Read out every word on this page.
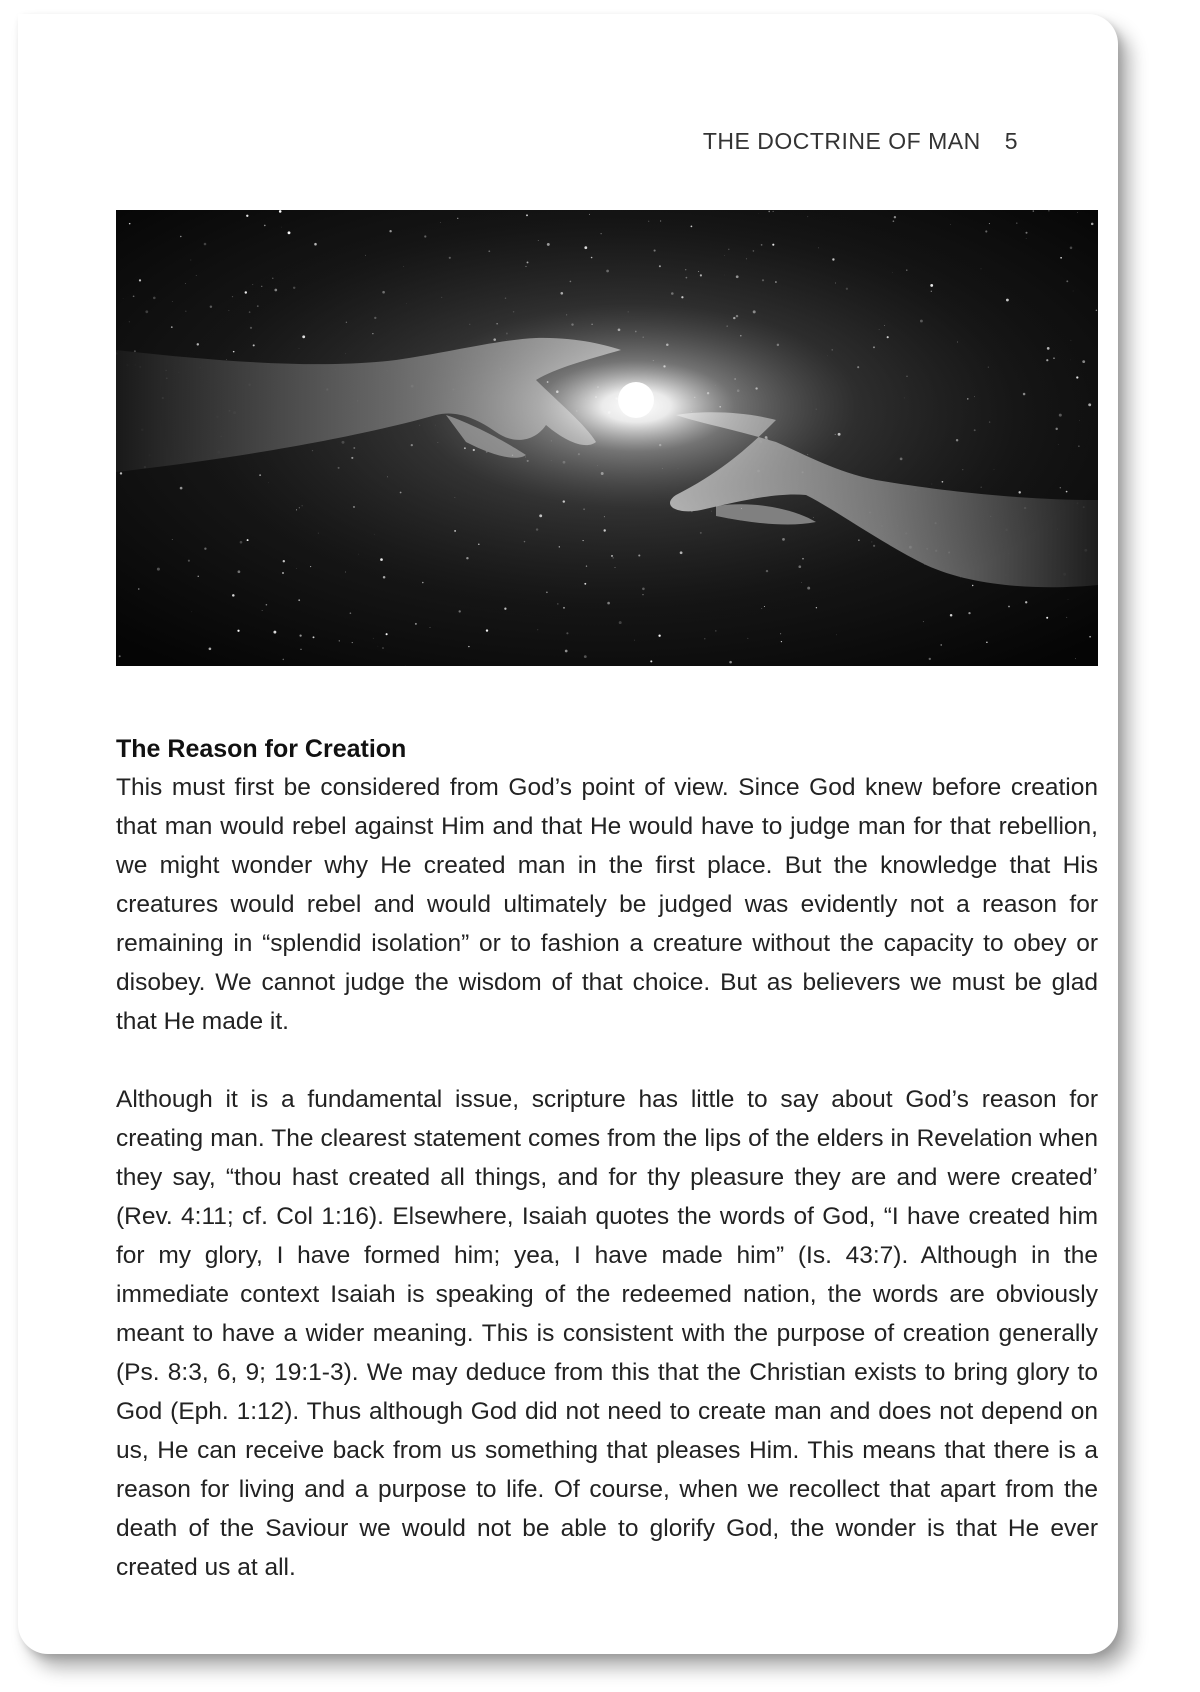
THE DOCTRINE OF MAN 5
The Reason for Creation

This must first be considered from God’s point of view. Since God knew before creation that man would rebel against Him and that He would have to judge man for that rebellion, we might wonder why He created man in the first place. But the knowledge that His creatures would rebel and would ultimately be judged was evidently not a reason for remaining in “splendid isolation” or to fashion a creature without the capacity to obey or disobey. We cannot judge the wisdom of that choice. But as believers we must be glad that He made it.

Although it is a fundamental issue, scripture has little to say about God’s reason for creating man. The clearest statement comes from the lips of the elders in Revelation when they say, “thou hast created all things, and for thy pleasure they are and were created’ (Rev. 4:11; cf. Col 1:16). Elsewhere, Isaiah quotes the words of God, “I have created him for my glory, I have formed him; yea, I have made him” (Is. 43:7). Although in the immediate context Isaiah is speaking of the redeemed nation, the words are obviously meant to have a wider meaning. This is consistent with the purpose of creation generally (Ps. 8:3, 6, 9; 19:1-3). We may deduce from this that the Christian exists to bring glory to God (Eph. 1:12). Thus although God did not need to create man and does not depend on us, He can receive back from us something that pleases Him. This means that there is a reason for living and a purpose to life. Of course, when we recollect that apart from the death of the Saviour we would not be able to glorify God, the wonder is that He ever created us at all.
